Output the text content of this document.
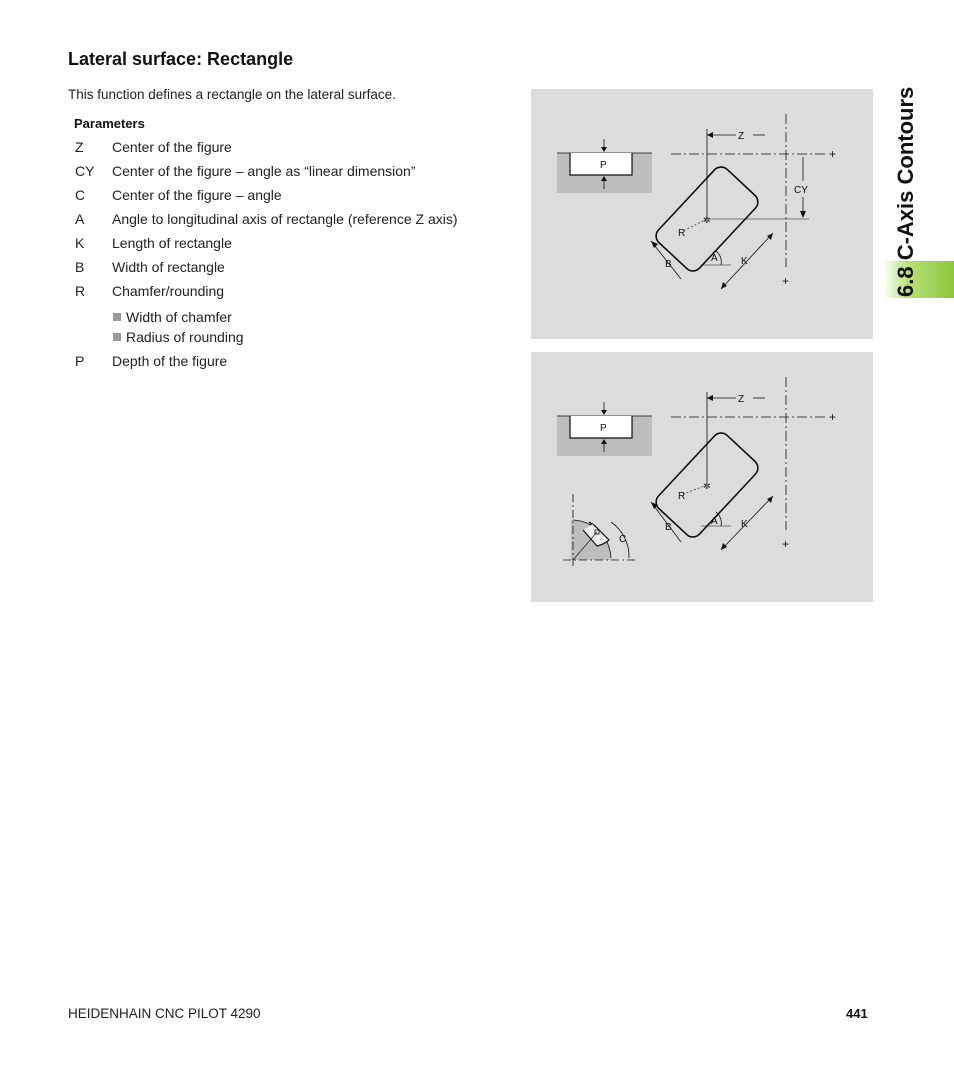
Lateral surface: Rectangle

This function defines a rectangle on the lateral surface.

Parameters
Z Center of the figure
CY Center of the figure – angle as “linear dimension”
C Center of the figure – angle
A Angle to longitudinal axis of rectangle (reference Z axis)
K Length of rectangle
B Width of rectangle
R Chamfer/rounding
Width of chamfer
Radius of rounding
P Depth of the figure
P
+
+
Z
CY
✲
R
A
B	K
P
+
+
Z
✲
R
A
B	K
C
6.8 C-Axis Contours
HEIDENHAIN CNC PILOT 4290	441
